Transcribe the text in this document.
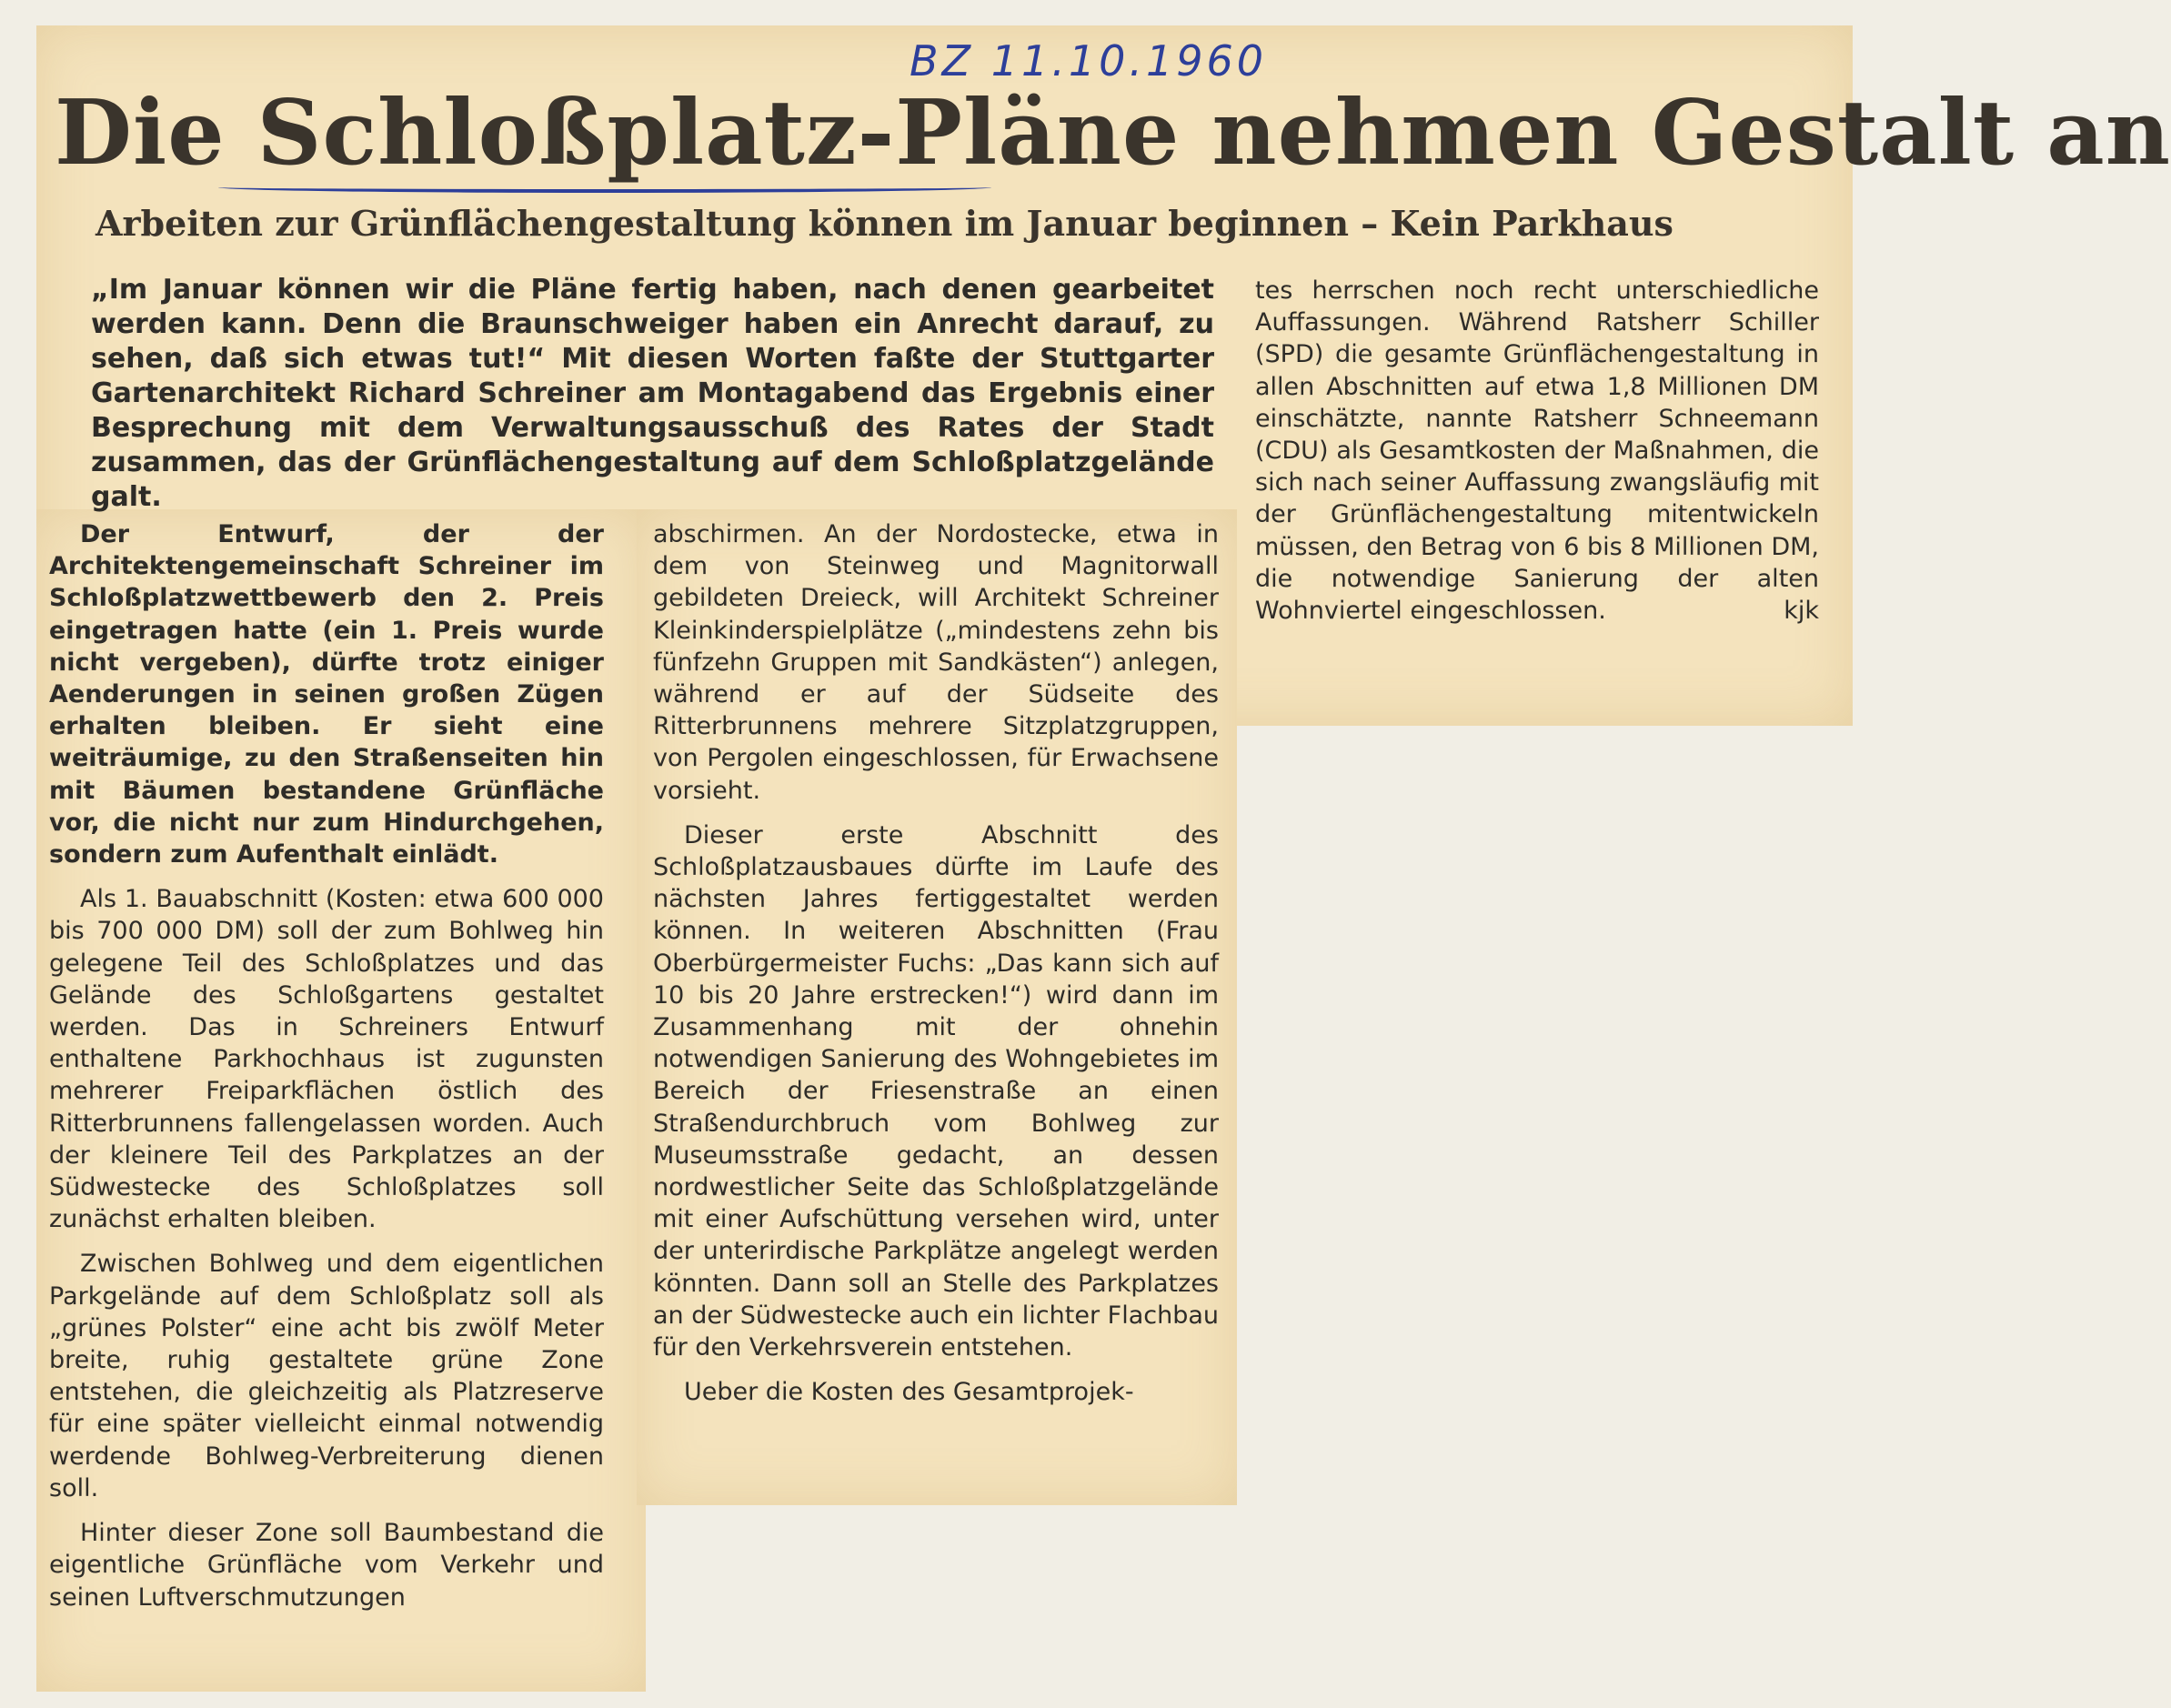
BZ 11.10.1960
Die Schloßplatz-Pläne nehmen Gestalt an
Arbeiten zur Grünflächengestaltung können im Januar beginnen – Kein Parkhaus
„Im Januar können wir die Pläne fertig haben, nach denen gearbeitet werden kann. Denn die Braunschweiger haben ein Anrecht darauf, zu sehen, daß sich etwas tut!“ Mit diesen Worten faßte der Stuttgarter Gartenarchitekt Richard Schreiner am Montagabend das Ergebnis einer Besprechung mit dem Verwaltungsausschuß des Rates der Stadt zusammen, das der Grünflächengestaltung auf dem Schloßplatzgelände galt.

Der Entwurf, der der Architektengemeinschaft Schreiner im Schloßplatzwettbewerb den 2. Preis eingetragen hatte (ein 1. Preis wurde nicht vergeben), dürfte trotz einiger Aenderungen in seinen großen Zügen erhalten bleiben. Er sieht eine weiträumige, zu den Straßenseiten hin mit Bäumen bestandene Grünfläche vor, die nicht nur zum Hindurchgehen, sondern zum Aufenthalt einlädt.

Als 1. Bauabschnitt (Kosten: etwa 600 000 bis 700 000 DM) soll der zum Bohlweg hin gelegene Teil des Schloßplatzes und das Gelände des Schloßgartens gestaltet werden. Das in Schreiners Entwurf enthaltene Parkhochhaus ist zugunsten mehrerer Freiparkflächen östlich des Ritterbrunnens fallengelassen worden. Auch der kleinere Teil des Parkplatzes an der Südwestecke des Schloßplatzes soll zunächst erhalten bleiben.

Zwischen Bohlweg und dem eigentlichen Parkgelände auf dem Schloßplatz soll als „grünes Polster“ eine acht bis zwölf Meter breite, ruhig gestaltete grüne Zone entstehen, die gleichzeitig als Platzreserve für eine später vielleicht einmal notwendig werdende Bohlweg-Verbreiterung dienen soll.

Hinter dieser Zone soll Baumbestand die eigentliche Grünfläche vom Verkehr und seinen Luftverschmutzungen

abschirmen. An der Nordostecke, etwa in dem von Steinweg und Magnitorwall gebildeten Dreieck, will Architekt Schreiner Kleinkinderspielplätze („mindestens zehn bis fünfzehn Gruppen mit Sandkästen“) anlegen, während er auf der Südseite des Ritterbrunnens mehrere Sitzplatzgruppen, von Pergolen eingeschlossen, für Erwachsene vorsieht.

Dieser erste Abschnitt des Schloßplatzausbaues dürfte im Laufe des nächsten Jahres fertiggestaltet werden können. In weiteren Abschnitten (Frau Oberbürgermeister Fuchs: „Das kann sich auf 10 bis 20 Jahre erstrecken!“) wird dann im Zusammenhang mit der ohnehin notwendigen Sanierung des Wohngebietes im Bereich der Friesenstraße an einen Straßendurchbruch vom Bohlweg zur Museumsstraße gedacht, an dessen nordwestlicher Seite das Schloßplatzgelände mit einer Aufschüttung versehen wird, unter der unterirdische Parkplätze angelegt werden könnten. Dann soll an Stelle des Parkplatzes an der Südwestecke auch ein lichter Flachbau für den Verkehrsverein entstehen.

Ueber die Kosten des Gesamtprojek-

tes herrschen noch recht unterschiedliche Auffassungen. Während Ratsherr Schiller (SPD) die gesamte Grünflächengestaltung in allen Abschnitten auf etwa 1,8 Millionen DM einschätzte, nannte Ratsherr Schneemann (CDU) als Gesamtkosten der Maßnahmen, die sich nach seiner Auffassung zwangsläufig mit der Grünflächengestaltung mitentwickeln müssen, den Betrag von 6 bis 8 Millionen DM, die notwendige Sanierung der alten Wohnviertel eingeschlossen.	kjk
